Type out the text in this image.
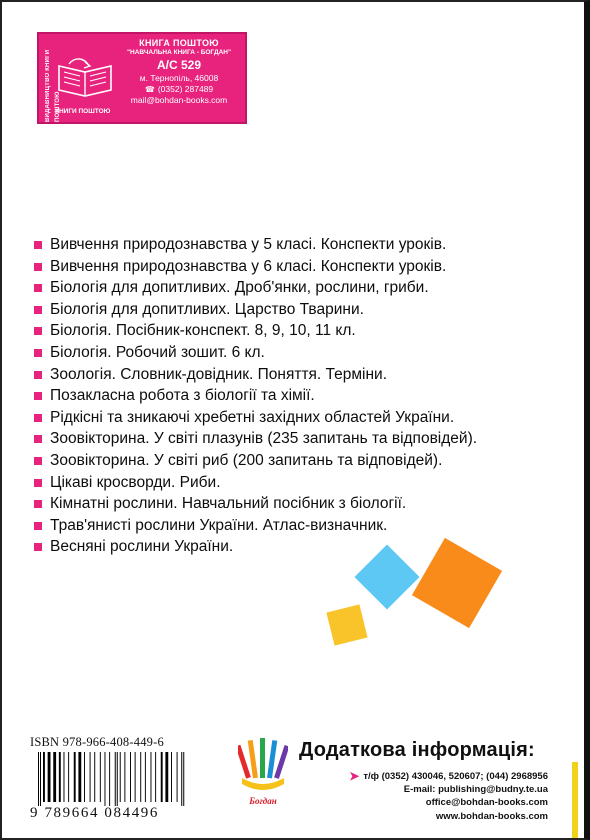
ВИДАВНИЦТВО КНИГИ ПОШТОЮ
КНИГИ ПОШТОЮ
КНИГА ПОШТОЮ
"НАВЧАЛЬНА КНИГА - БОГДАН"
А/С 529
м. Тернопіль, 46008
☎ (0352) 287489
mail@bohdan-books.com
Вивчення природознавства у 5 класі. Конспекти уроків.
Вивчення природознавства у 6 класі. Конспекти уроків.
Біологія для допитливих. Дроб'янки, рослини, гриби.
Біологія для допитливих. Царство Тварини.
Біологія. Посібник-конспект. 8, 9, 10, 11 кл.
Біологія. Робочий зошит. 6 кл.
Зоологія. Словник-довідник. Поняття. Терміни.
Позакласна робота з біології та хімії.
Рідкісні та зникаючі хребетні західних областей України.
Зоовікторина. У світі плазунів (235 запитань та відповідей).
Зоовікторина. У світі риб (200 запитань та відповідей).
Цікаві кросворди. Риби.
Кімнатні рослини. Навчальний посібник з біології.
Трав'янисті рослини України. Атлас-визначник.
Весняні рослини України.
ISBN 978-966-408-449-6
9 789664 084496
Богдан
Додаткова інформація:
➤ т/ф (0352) 430046, 520607; (044) 2968956
E-mail: publishing@budny.te.ua
office@bohdan-books.com
www.bohdan-books.com
